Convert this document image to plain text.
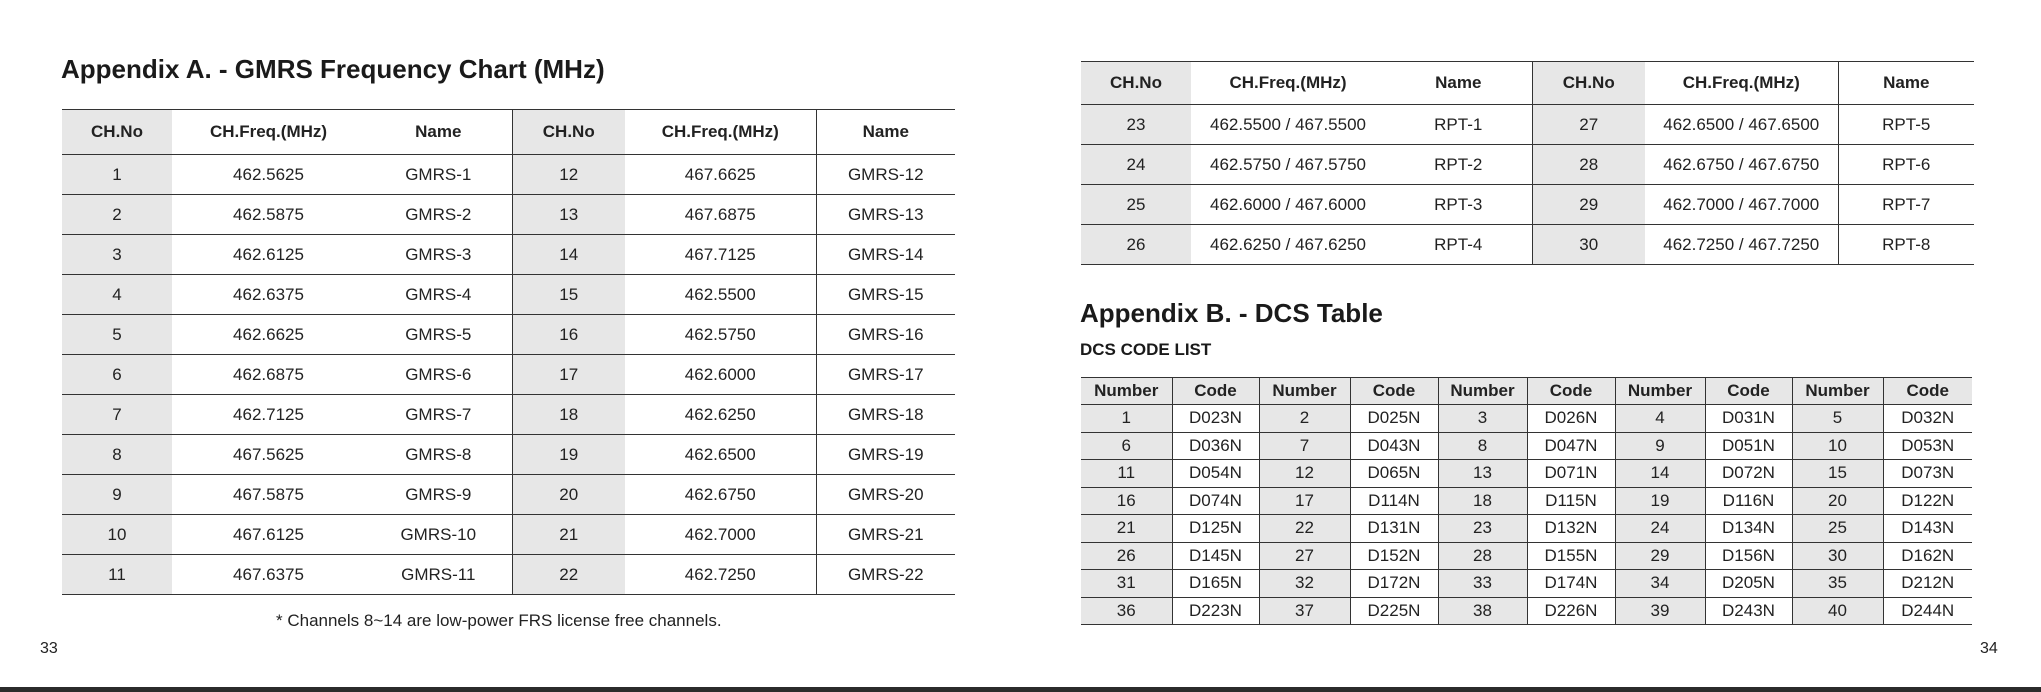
Appendix A. - GMRS Frequency Chart (MHz)
CH.No	CH.Freq.(MHz)	Name	CH.No	CH.Freq.(MHz)	Name
1	462.5625	GMRS-1	12	467.6625	GMRS-12
2	462.5875	GMRS-2	13	467.6875	GMRS-13
3	462.6125	GMRS-3	14	467.7125	GMRS-14
4	462.6375	GMRS-4	15	462.5500	GMRS-15
5	462.6625	GMRS-5	16	462.5750	GMRS-16
6	462.6875	GMRS-6	17	462.6000	GMRS-17
7	462.7125	GMRS-7	18	462.6250	GMRS-18
8	467.5625	GMRS-8	19	462.6500	GMRS-19
9	467.5875	GMRS-9	20	462.6750	GMRS-20
10	467.6125	GMRS-10	21	462.7000	GMRS-21
11	467.6375	GMRS-11	22	462.7250	GMRS-22
* Channels 8~14 are low-power FRS license free channels.
33
CH.No	CH.Freq.(MHz)	Name	CH.No	CH.Freq.(MHz)	Name
23	462.5500 / 467.5500	RPT-1	27	462.6500 / 467.6500	RPT-5
24	462.5750 / 467.5750	RPT-2	28	462.6750 / 467.6750	RPT-6
25	462.6000 / 467.6000	RPT-3	29	462.7000 / 467.7000	RPT-7
26	462.6250 / 467.6250	RPT-4	30	462.7250 / 467.7250	RPT-8
Appendix B. - DCS Table
DCS CODE LIST
Number	Code	Number	Code	Number	Code	Number	Code	Number	Code
1	D023N	2	D025N	3	D026N	4	D031N	5	D032N
6	D036N	7	D043N	8	D047N	9	D051N	10	D053N
11	D054N	12	D065N	13	D071N	14	D072N	15	D073N
16	D074N	17	D114N	18	D115N	19	D116N	20	D122N
21	D125N	22	D131N	23	D132N	24	D134N	25	D143N
26	D145N	27	D152N	28	D155N	29	D156N	30	D162N
31	D165N	32	D172N	33	D174N	34	D205N	35	D212N
36	D223N	37	D225N	38	D226N	39	D243N	40	D244N
34
